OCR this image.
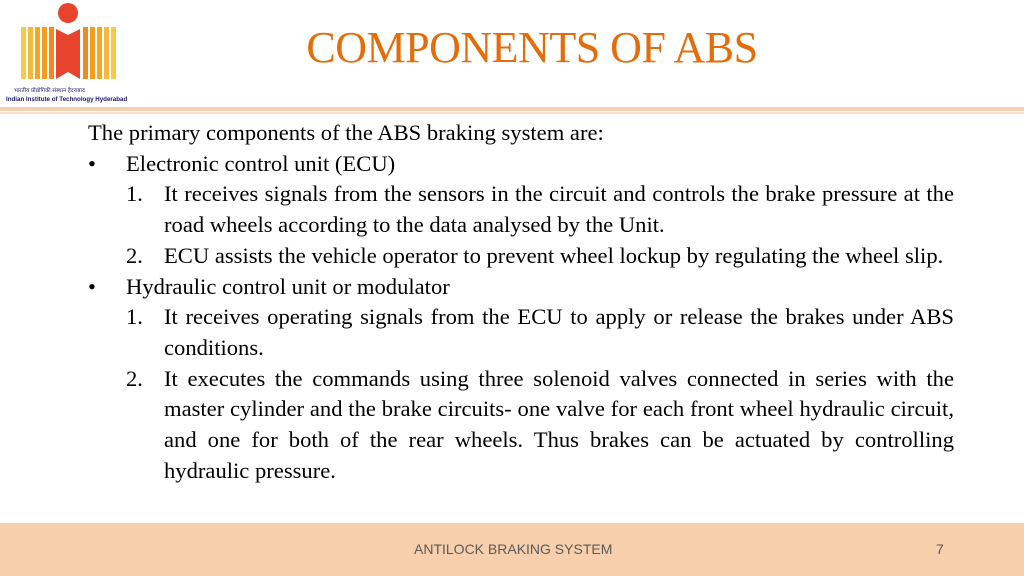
भारतीय प्रौद्योगिकी संस्थान हैदराबाद
Indian Institute of Technology Hyderabad
COMPONENTS OF ABS
The primary components of the ABS braking system are:
• Electronic control unit (ECU)
1. It receives signals from the sensors in the circuit and controls the brake pressure at the road wheels according to the data analysed by the Unit.
2. ECU assists the vehicle operator to prevent wheel lockup by regulating the wheel slip.
• Hydraulic control unit or modulator
1. It receives operating signals from the ECU to apply or release the brakes under ABS conditions.
2. It executes the commands using three solenoid valves connected in series with the master cylinder and the brake circuits- one valve for each front wheel hydraulic circuit, and one for both of the rear wheels. Thus brakes can be actuated by controlling hydraulic pressure.
ANTILOCK BRAKING SYSTEM	7
